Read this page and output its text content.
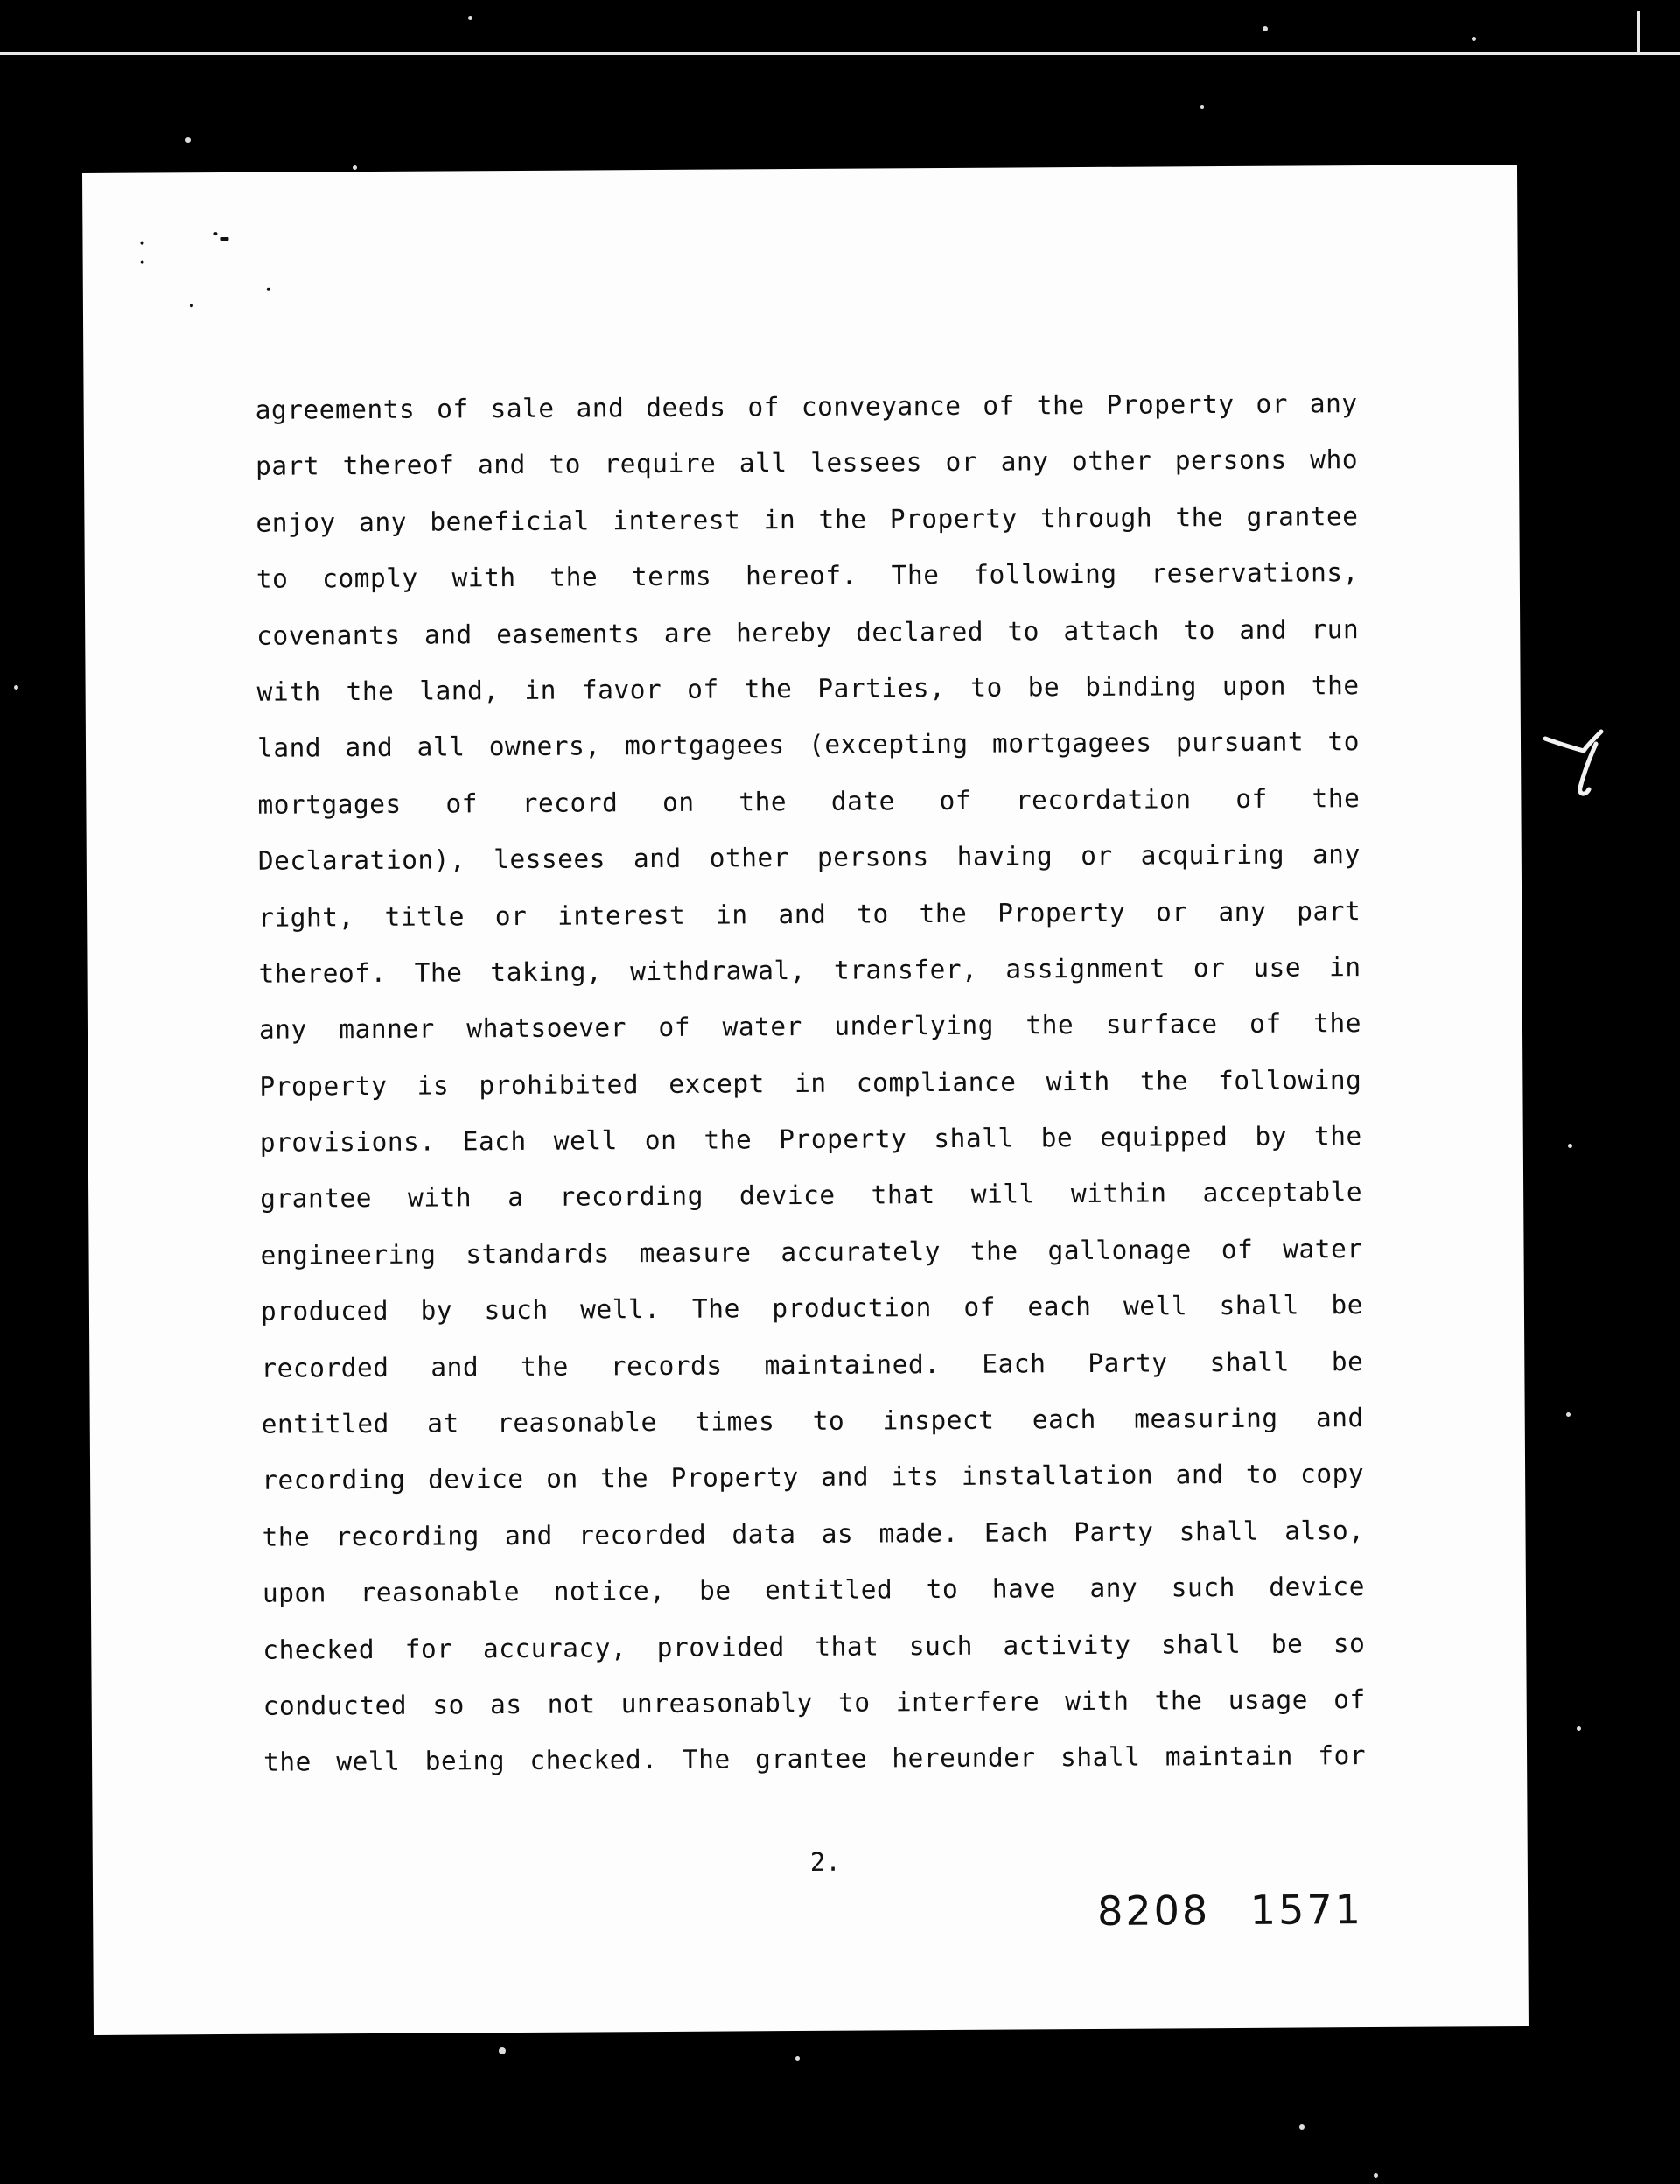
agreements of sale and deeds of conveyance of the Property or any
part thereof and to require all lessees or any other persons who
enjoy any beneficial interest in the Property through the grantee
to comply with the terms hereof. The following reservations,
covenants and easements are hereby declared to attach to and run
with the land, in favor of the Parties, to be binding upon the
land and all owners, mortgagees (excepting mortgagees pursuant to
mortgages of record on the date of recordation of the
Declaration), lessees and other persons having or acquiring any
right, title or interest in and to the Property or any part
thereof. The taking, withdrawal, transfer, assignment or use in
any manner whatsoever of water underlying the surface of the
Property is prohibited except in compliance with the following
provisions. Each well on the Property shall be equipped by the
grantee with a recording device that will within acceptable
engineering standards measure accurately the gallonage of water
produced by such well. The production of each well shall be
recorded and the records maintained. Each Party shall be
entitled at reasonable times to inspect each measuring and
recording device on the Property and its installation and to copy
the recording and recorded data as made. Each Party shall also,
upon reasonable notice, be entitled to have any such device
checked for accuracy, provided that such activity shall be so
conducted so as not unreasonably to interfere with the usage of
the well being checked. The grantee hereunder shall maintain for
2.
8208 1571
